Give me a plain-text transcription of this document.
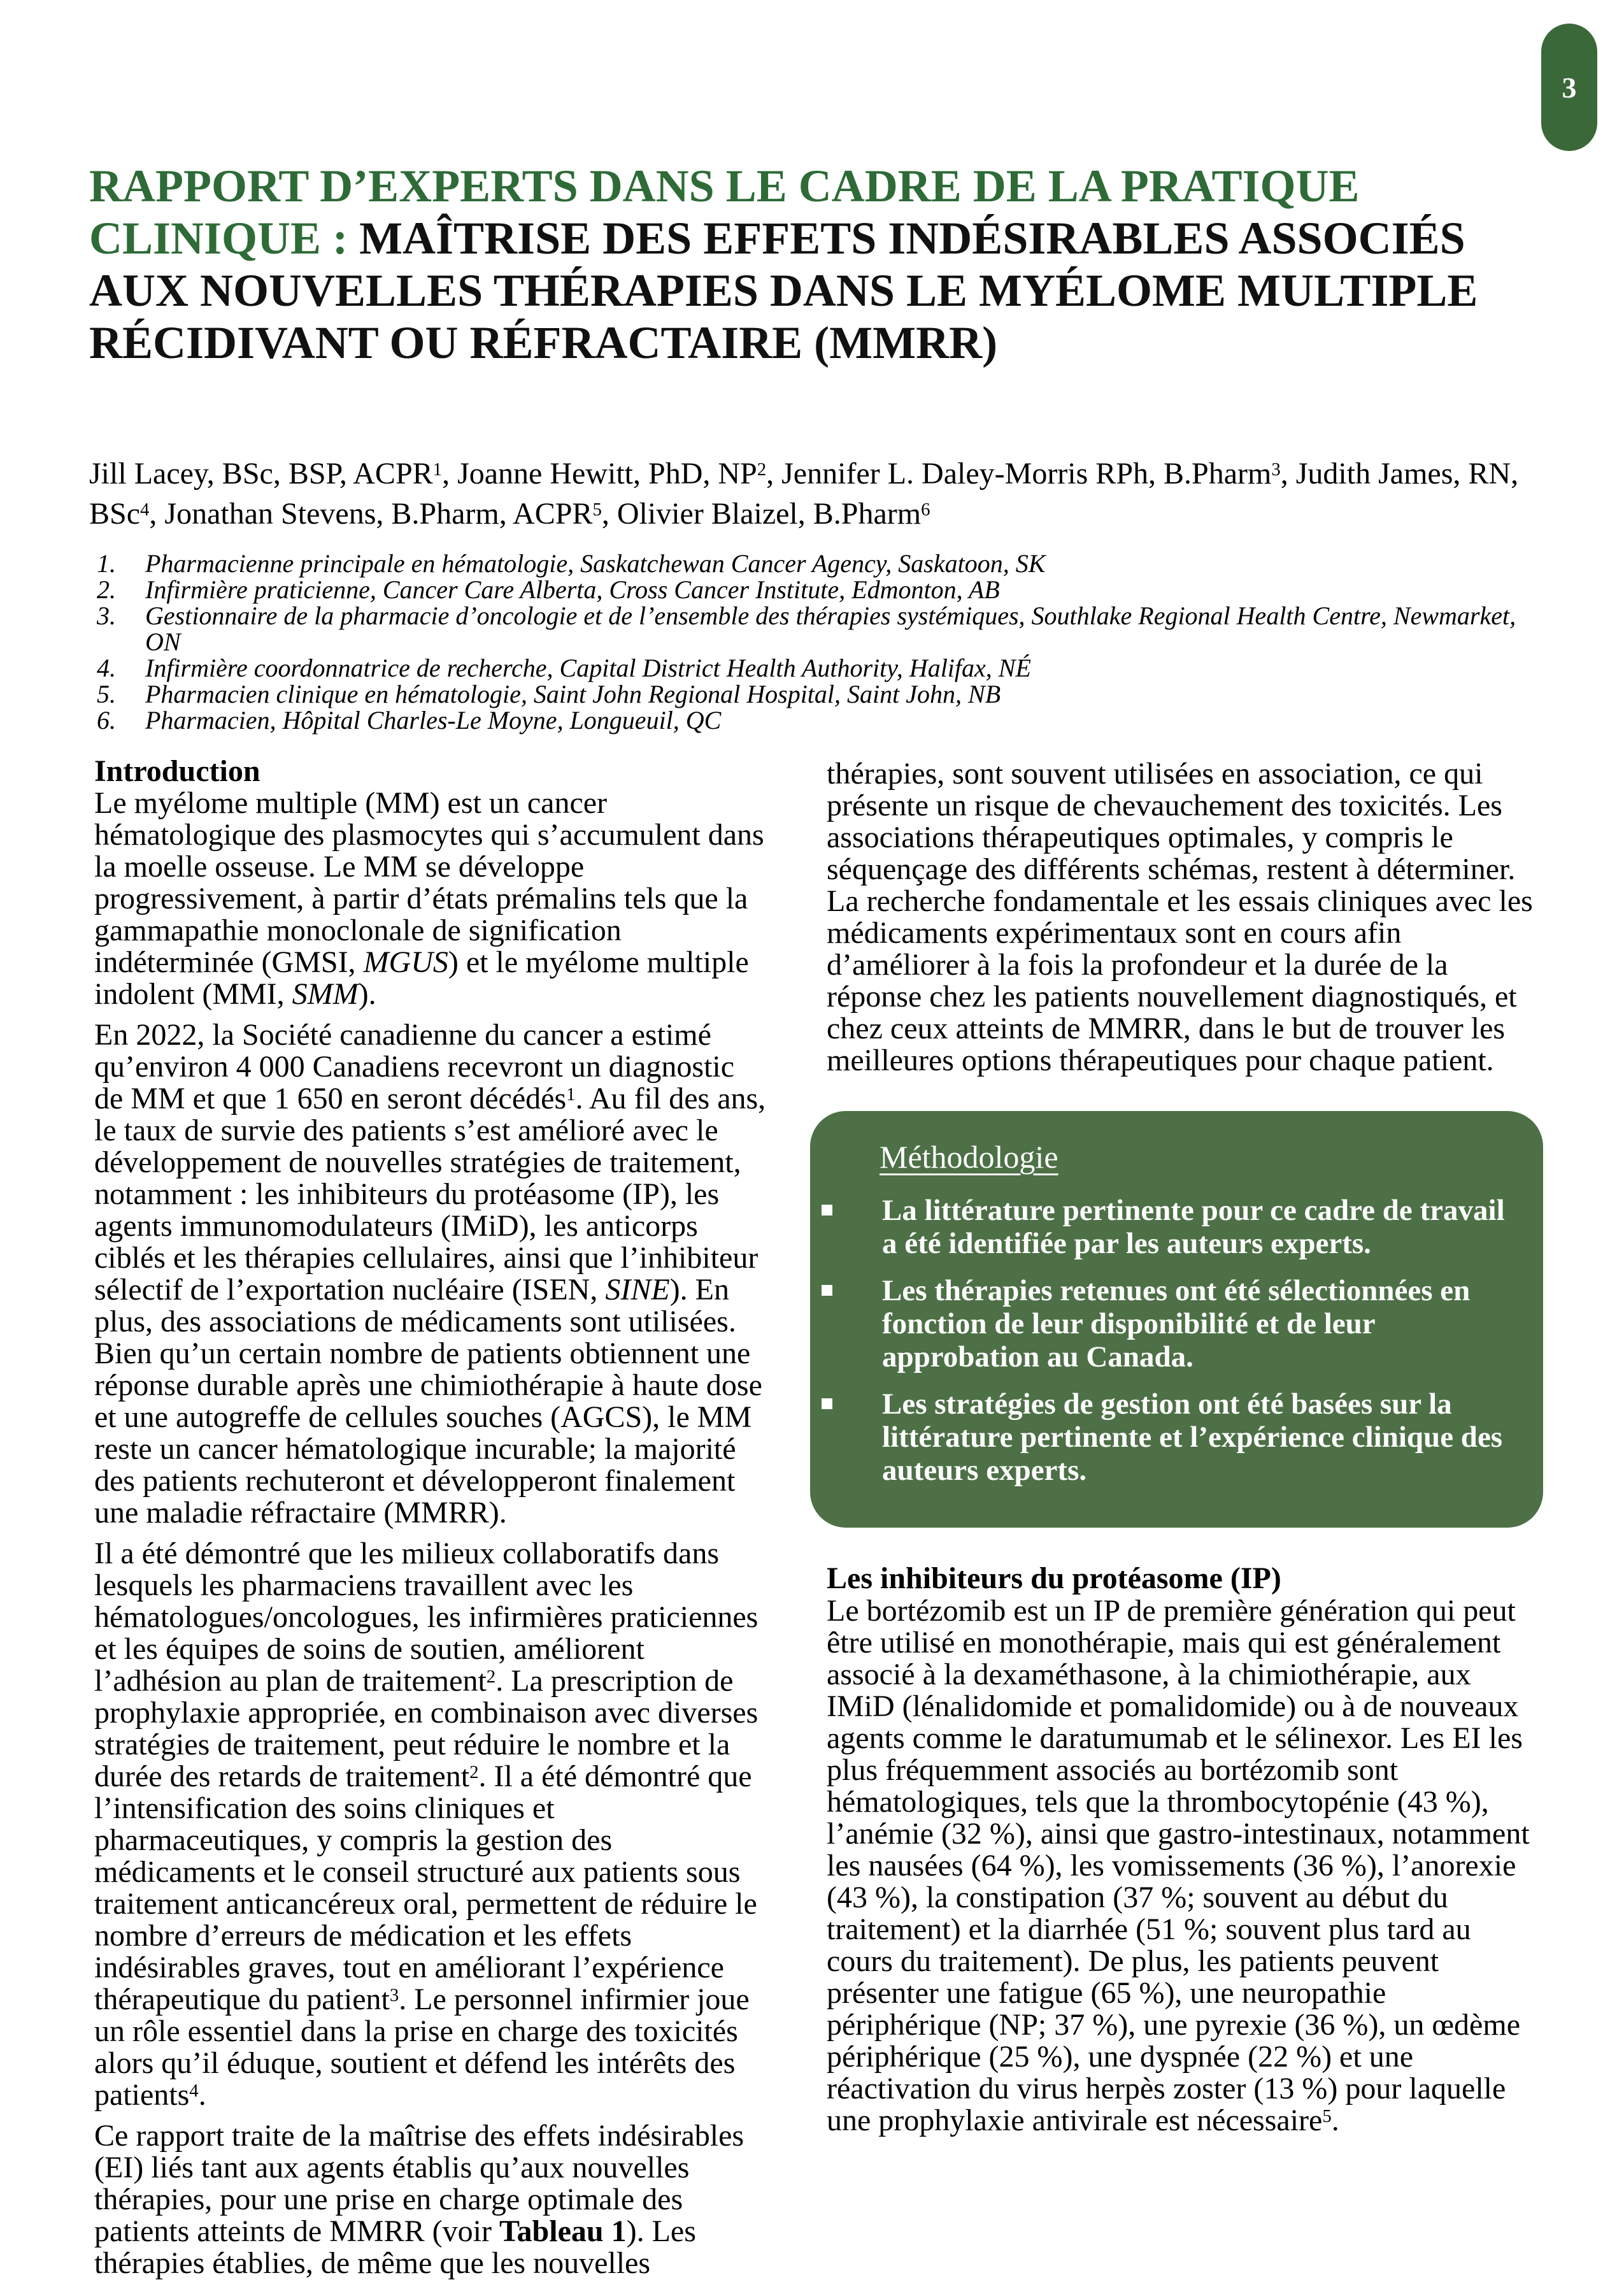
3
RAPPORT D’EXPERTS DANS LE CADRE DE LA PRATIQUE CLINIQUE : MAÎTRISE DES EFFETS INDÉSIRABLES ASSOCIÉS AUX NOUVELLES THÉRAPIES DANS LE MYÉLOME MULTIPLE RÉCIDIVANT OU RÉFRACTAIRE (MMRR)
Jill Lacey, BSc, BSP, ACPR$^1$, Joanne Hewitt, PhD, $NP^2$, Jennifer L. Daley-Morris RPh, B.Pharm$^3$, Judith James, RN, BSc$^4$, Jonathan Stevens, B.Pharm, ACPR$^5$, Olivier Blaizel, B.Pharm$^6$
1.	Pharmacienne principale en hématologie, Saskatchewan Cancer Agency, Saskatoon, SK
2.	Infirmière praticienne, Cancer Care Alberta, Cross Cancer Institute, Edmonton, AB
3.	Gestionnaire de la pharmacie d’oncologie et de l’ensemble des thérapies systémiques, Southlake Regional Health Centre, Newmarket, ON
4.	Infirmière coordonnatrice de recherche, Capital District Health Authority, Halifax, NÉ
5.	Pharmacien clinique en hématologie, Saint John Regional Hospital, Saint John, NB
6.	Pharmacien, Hôpital Charles-Le Moyne, Longueuil, QC
Introduction

Le myélome multiple (MM) est un cancer hématologique des plasmocytes qui s’accumulent dans la moelle osseuse. Le MM se développe progressivement, à partir d’états prémalins tels que la gammapathie monoclonale de signification indéterminée (GMSI, MGUS) et le myélome multiple indolent (MMI, SMM).

En 2022, la Société canadienne du cancer a estimé qu’environ 4 000 Canadiens recevront un diagnostic de MM et que 1 650 en seront décédés$^1$. Au fil des ans, le taux de survie des patients s’est amélioré avec le développement de nouvelles stratégies de traitement, notamment : les inhibiteurs du protéasome (IP), les agents immunomodulateurs (IMiD), les anticorps ciblés et les thérapies cellulaires, ainsi que l’inhibiteur sélectif de l’exportation nucléaire (ISEN, SINE). En plus, des associations de médicaments sont utilisées. Bien qu’un certain nombre de patients obtiennent une réponse durable après une chimiothérapie à haute dose et une autogreffe de cellules souches (AGCS), le MM reste un cancer hématologique incurable; la majorité des patients rechuteront et développeront finalement une maladie réfractaire (MMRR).

Il a été démontré que les milieux collaboratifs dans lesquels les pharmaciens travaillent avec les hématologues/oncologues, les infirmières praticiennes et les équipes de soins de soutien, améliorent l’adhésion au plan de traitement$^2$. La prescription de prophylaxie appropriée, en combinaison avec diverses stratégies de traitement, peut réduire le nombre et la durée des retards de traitement$^2$. Il a été démontré que l’intensification des soins cliniques et pharmaceutiques, y compris la gestion des médicaments et le conseil structuré aux patients sous traitement anticancéreux oral, permettent de réduire le nombre d’erreurs de médication et les effets indésirables graves, tout en améliorant l’expérience thérapeutique du patient$^3$. Le personnel infirmier joue un rôle essentiel dans la prise en charge des toxicités alors qu’il éduque, soutient et défend les intérêts des patients$^4$.

Ce rapport traite de la maîtrise des effets indésirables (EI) liés tant aux agents établis qu’aux nouvelles thérapies, pour une prise en charge optimale des patients atteints de MMRR (voir Tableau 1). Les thérapies établies, de même que les nouvelles

thérapies, sont souvent utilisées en association, ce qui présente un risque de chevauchement des toxicités. Les associations thérapeutiques optimales, y compris le séquençage des différents schémas, restent à déterminer. La recherche fondamentale et les essais cliniques avec les médicaments expérimentaux sont en cours afin d’améliorer à la fois la profondeur et la durée de la réponse chez les patients nouvellement diagnostiqués, et chez ceux atteints de MMRR, dans le but de trouver les meilleures options thérapeutiques pour chaque patient.

Méthodologie
La littérature pertinente pour ce cadre de travail a été identifiée par les auteurs experts.
Les thérapies retenues ont été sélectionnées en fonction de leur disponibilité et de leur approbation au Canada.
Les stratégies de gestion ont été basées sur la littérature pertinente et l’expérience clinique des auteurs experts.
Les inhibiteurs du protéasome (IP)

Le bortézomib est un IP de première génération qui peut être utilisé en monothérapie, mais qui est généralement associé à la dexaméthasone, à la chimiothérapie, aux IMiD (lénalidomide et pomalidomide) ou à de nouveaux agents comme le daratumumab et le sélinexor. Les EI les plus fréquemment associés au bortézomib sont hématologiques, tels que la thrombocytopénie (43 %), l’anémie (32 %), ainsi que gastro-intestinaux, notamment les nausées (64 %), les vomissements (36 %), l’anorexie (43 %), la constipation (37 %; souvent au début du traitement) et la diarrhée (51 %; souvent plus tard au cours du traitement). De plus, les patients peuvent présenter une fatigue (65 %), une neuropathie périphérique (NP; 37 %), une pyrexie (36 %), un œdème périphérique (25 %), une dyspnée (22 %) et une réactivation du virus herpès zoster (13 %) pour laquelle une prophylaxie antivirale est nécessaire$^5$.
